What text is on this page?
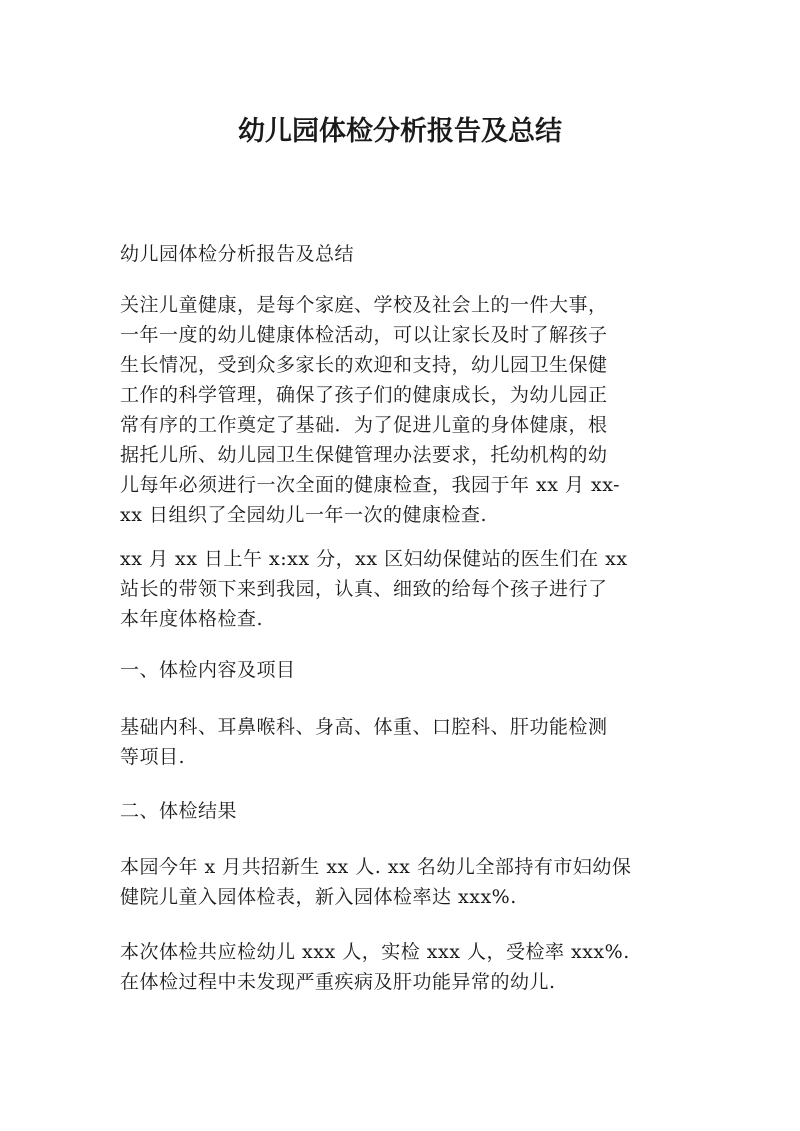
幼儿园体检分析报告及总结

幼儿园体检分析报告及总结

关注儿童健康，是每个家庭、学校及社会上的一件大事，
一年一度的幼儿健康体检活动，可以让家长及时了解孩子
生长情况，受到众多家长的欢迎和支持，幼儿园卫生保健
工作的科学管理，确保了孩子们的健康成长，为幼儿园正
常有序的工作奠定了基础．为了促进儿童的身体健康，根
据托儿所、幼儿园卫生保健管理办法要求，托幼机构的幼
儿每年必须进行一次全面的健康检查，我园于年 xx 月 xx-
xx 日组织了全园幼儿一年一次的健康检查.

xx 月 xx 日上午 x:xx 分，xx 区妇幼保健站的医生们在 xx
站长的带领下来到我园，认真、细致的给每个孩子进行了
本年度体格检查.

一、体检内容及项目

基础内科、耳鼻喉科、身高、体重、口腔科、肝功能检测
等项目.

二、体检结果

本园今年 x 月共招新生 xx 人. xx 名幼儿全部持有市妇幼保
健院儿童入园体检表，新入园体检率达 xxx%.

本次体检共应检幼儿 xxx 人，实检 xxx 人，受检率 xxx%.
在体检过程中未发现严重疾病及肝功能异常的幼儿.
